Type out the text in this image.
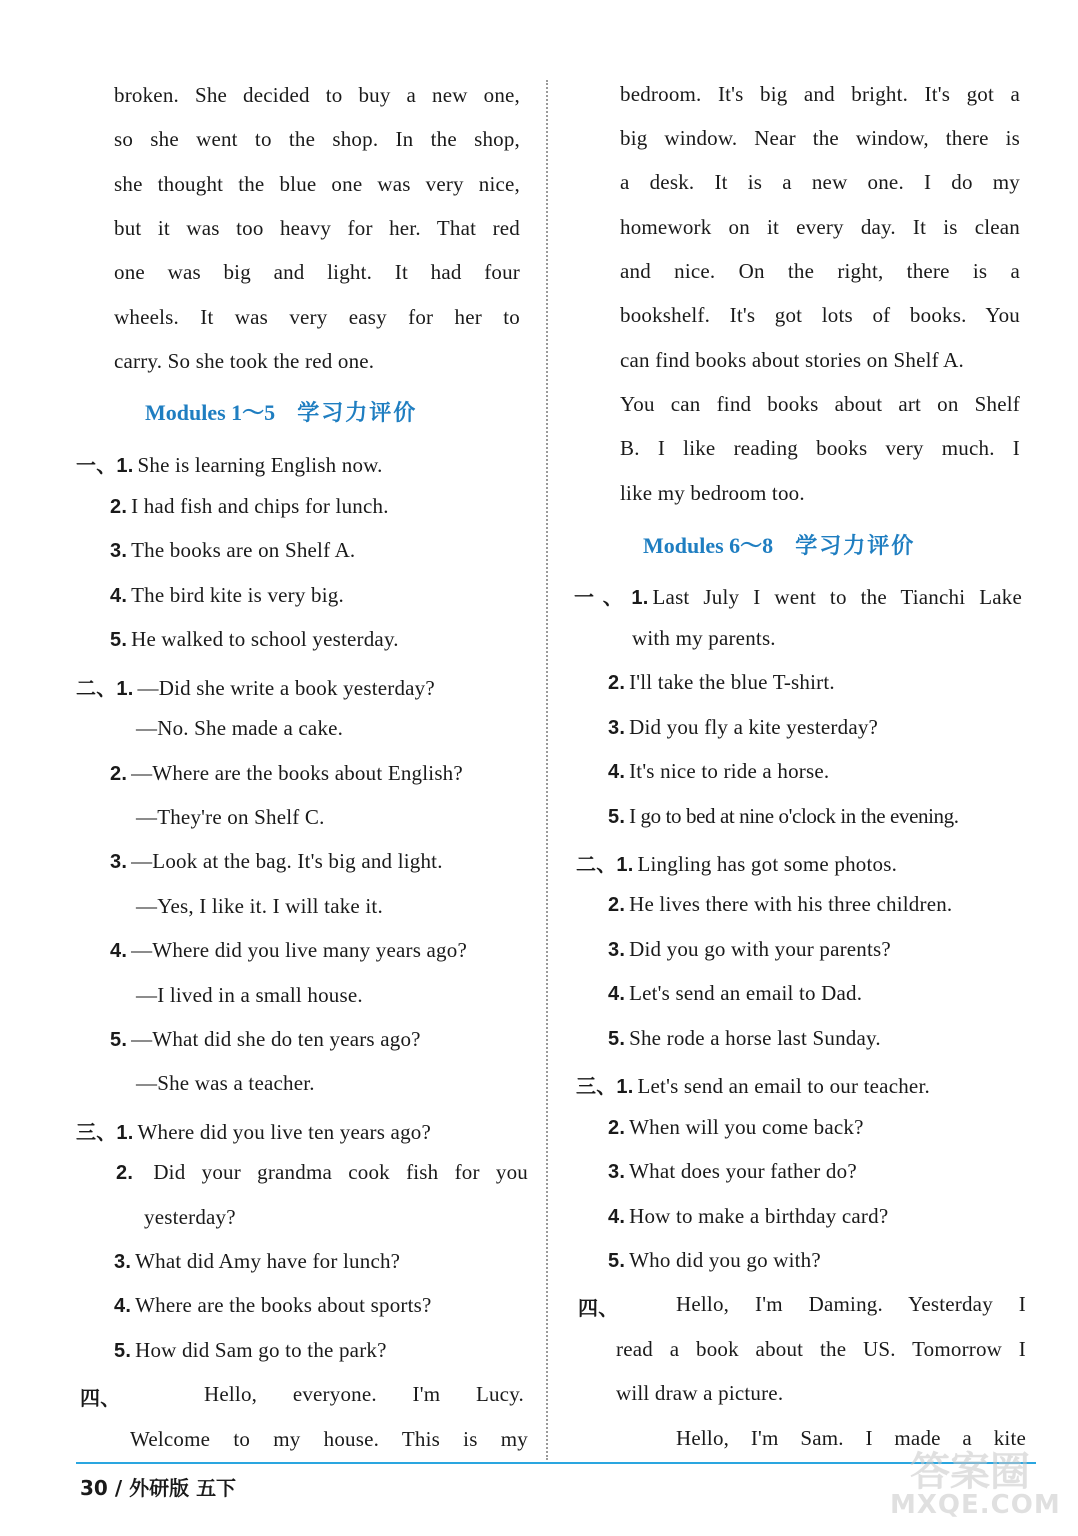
broken. She decided to buy a new one,
so she went to the shop. In the shop,
she thought the blue one was very nice,
but it was too heavy for her. That red
one was big and light. It had four
wheels. It was very easy for her to
carry. So she took the red one.
Modules 1～5 学习力评价
一、1. She is learning English now.
2. I had fish and chips for lunch.
3. The books are on Shelf A.
4. The bird kite is very big.
5. He walked to school yesterday.
二、1. —Did she write a book yesterday?
—No. She made a cake.
2. —Where are the books about English?
—They're on Shelf C.
3. —Look at the bag. It's big and light.
—Yes, I like it. I will take it.
4. —Where did you live many years ago?
—I lived in a small house.
5. —What did she do ten years ago?
—She was a teacher.
三、1. Where did you live ten years ago?
2. Did your grandma cook fish for you
yesterday?
3. What did Amy have for lunch?
4. Where are the books about sports?
5. How did Sam go to the park?
四、	Hello, everyone. I'm Lucy.
Welcome to my house. This is my
bedroom. It's big and bright. It's got a
big window. Near the window, there is
a desk. It is a new one. I do my
homework on it every day. It is clean
and nice. On the right, there is a
bookshelf. It's got lots of books. You
can find books about stories on Shelf A.
You can find books about art on Shelf
B. I like reading books very much. I
like my bedroom too.
Modules 6～8 学习力评价
一、1. Last July I went to the Tianchi Lake
with my parents.
2. I'll take the blue T-shirt.
3. Did you fly a kite yesterday?
4. It's nice to ride a horse.
5. I go to bed at nine o'clock in the evening.
二、1. Lingling has got some photos.
2. He lives there with his three children.
3. Did you go with your parents?
4. Let's send an email to Dad.
5. She rode a horse last Sunday.
三、1. Let's send an email to our teacher.
2. When will you come back?
3. What does your father do?
4. How to make a birthday card?
5. Who did you go with?
四、	Hello, I'm Daming. Yesterday I
read a book about the US. Tomorrow I
will draw a picture.
Hello, I'm Sam. I made a kite
30 / 外研版 五下	答案圈
MXQE.COM
